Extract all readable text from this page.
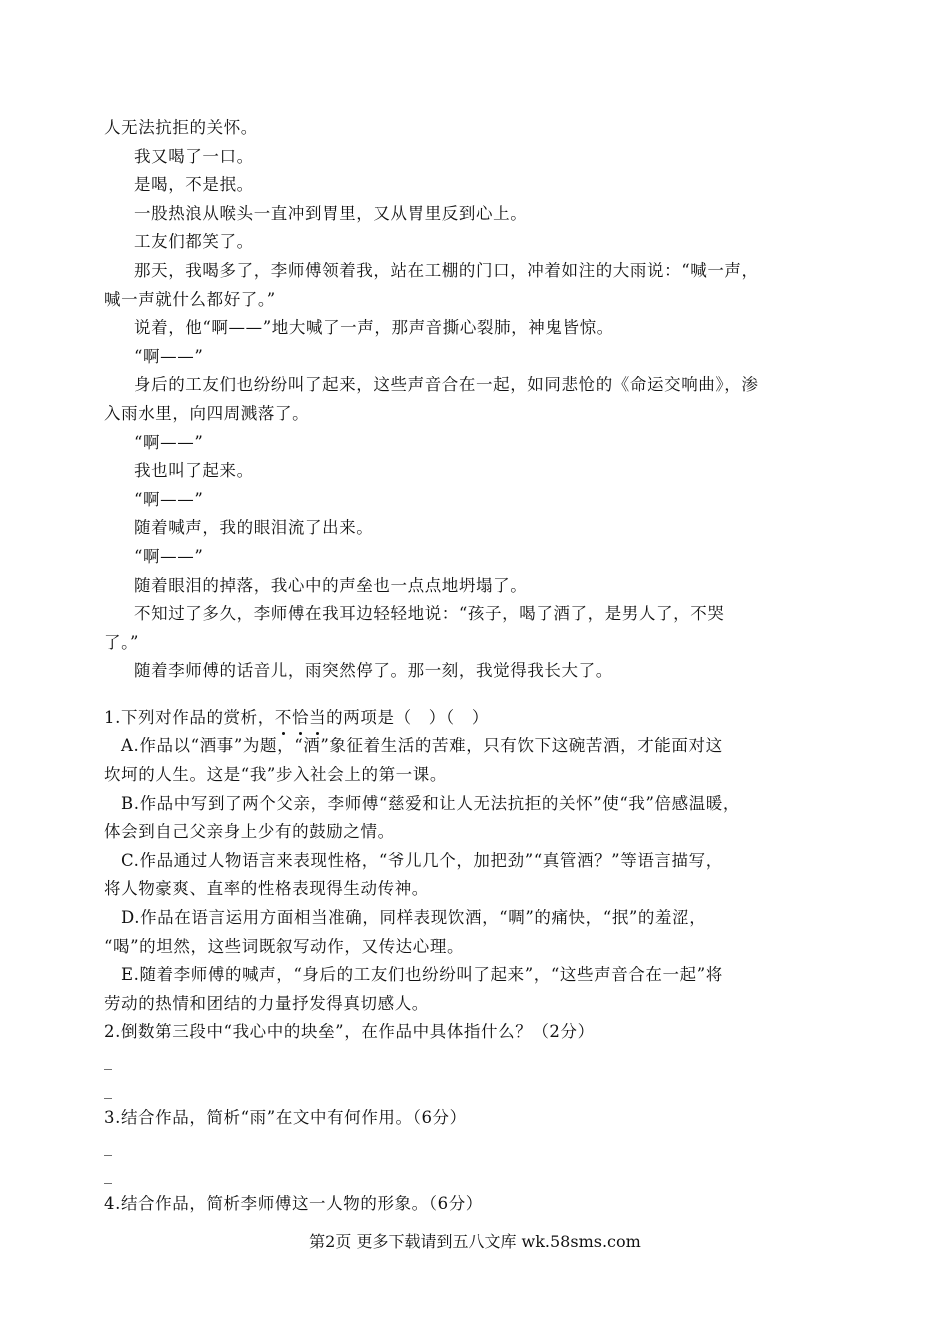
人无法抗拒的关怀。
我又喝了一口。
是喝，不是抿。
一股热浪从喉头一直冲到胃里，又从胃里反到心上。
工友们都笑了。
那天，我喝多了，李师傅领着我，站在工棚的门口，冲着如注的大雨说：“喊一声，
喊一声就什么都好了。”
说着，他“啊——”地大喊了一声，那声音撕心裂肺，神鬼皆惊。
“啊——”
身后的工友们也纷纷叫了起来，这些声音合在一起，如同悲怆的《命运交响曲》，渗
入雨水里，向四周溅落了。
“啊——”
我也叫了起来。
“啊——”
随着喊声，我的眼泪流了出来。
“啊——”
随着眼泪的掉落，我心中的声垒也一点点地坍塌了。
不知过了多久，李师傅在我耳边轻轻地说：“孩子，喝了酒了，是男人了，不哭
了。”
随着李师傅的话音儿，雨突然停了。那一刻，我觉得我长大了。
1.下列对作品的赏析，不恰当的两项是（　）（　）
A.作品以“酒事”为题，“酒”象征着生活的苦难，只有饮下这碗苦酒，才能面对这
坎坷的人生。这是“我”步入社会上的第一课。
B.作品中写到了两个父亲，李师傅“慈爱和让人无法抗拒的关怀”使“我”倍感温暖，
体会到自己父亲身上少有的鼓励之情。
C.作品通过人物语言来表现性格，“爷儿几个，加把劲”“真管酒？”等语言描写，
将人物豪爽、直率的性格表现得生动传神。
D.作品在语言运用方面相当准确，同样表现饮酒，“啁”的痛快，“抿”的羞涩，
“喝”的坦然，这些词既叙写动作，又传达心理。
E.随着李师傅的喊声，“身后的工友们也纷纷叫了起来”，“这些声音合在一起”将
劳动的热情和团结的力量抒发得真切感人。
2.倒数第三段中“我心中的块垒”，在作品中具体指什么？（2分）
_
_
3.结合作品，简析“雨”在文中有何作用。（6分）
_
_
4.结合作品，简析李师傅这一人物的形象。（6分）
第2页 更多下载请到五八文库 wk.58sms.com
